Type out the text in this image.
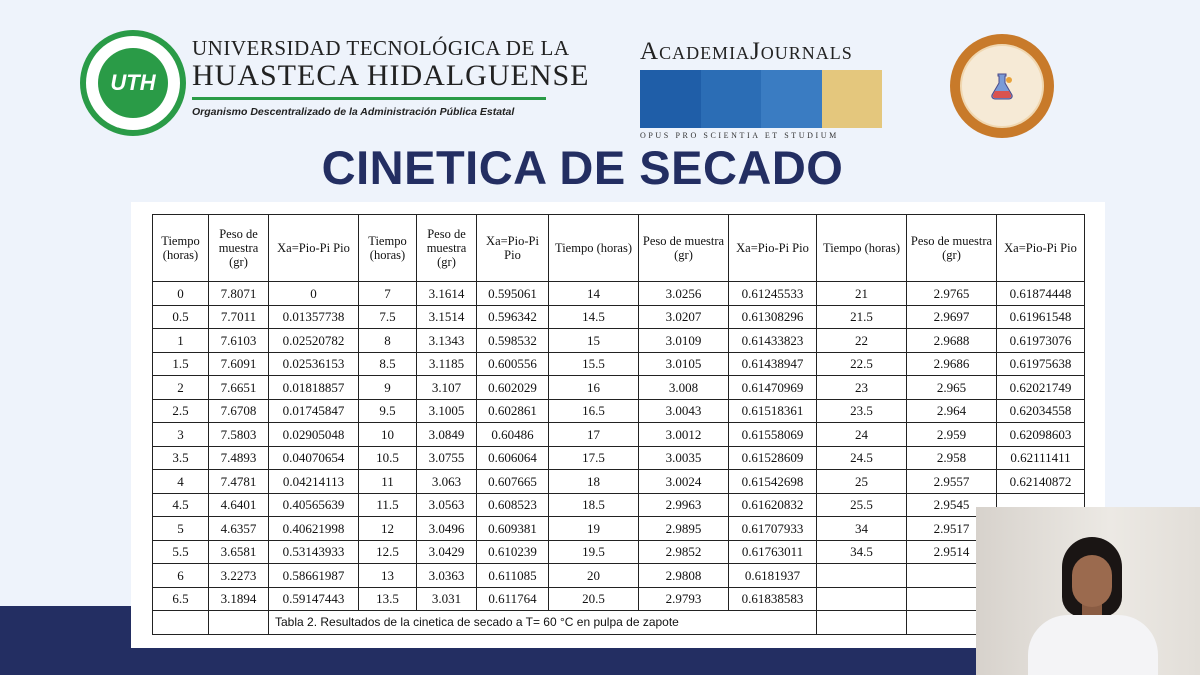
UTH
UNIVERSIDAD TECNOLÓGICA DE LA
HUASTECA HIDALGUENSE
Organismo Descentralizado de la Administración Pública Estatal
ACADEMIAJOURNALS
OPUS PRO SCIENTIA ET STUDIUM
CINETICA DE SECADO
Tiempo (horas)	Peso de muestra (gr)	Xa=Pio-Pi Pio	Tiempo (horas)	Peso de muestra (gr)	Xa=Pio-Pi Pio	Tiempo (horas)	Peso de muestra (gr)	Xa=Pio-Pi Pio	Tiempo (horas)	Peso de muestra (gr)	Xa=Pio-Pi Pio
0	7.8071	0	7	3.1614	0.595061	14	3.0256	0.61245533	21	2.9765	0.61874448
0.5	7.7011	0.01357738	7.5	3.1514	0.596342	14.5	3.0207	0.61308296	21.5	2.9697	0.61961548
1	7.6103	0.02520782	8	3.1343	0.598532	15	3.0109	0.61433823	22	2.9688	0.61973076
1.5	7.6091	0.02536153	8.5	3.1185	0.600556	15.5	3.0105	0.61438947	22.5	2.9686	0.61975638
2	7.6651	0.01818857	9	3.107	0.602029	16	3.008	0.61470969	23	2.965	0.62021749
2.5	7.6708	0.01745847	9.5	3.1005	0.602861	16.5	3.0043	0.61518361	23.5	2.964	0.62034558
3	7.5803	0.02905048	10	3.0849	0.60486	17	3.0012	0.61558069	24	2.959	0.62098603
3.5	7.4893	0.04070654	10.5	3.0755	0.606064	17.5	3.0035	0.61528609	24.5	2.958	0.62111411
4	7.4781	0.04214113	11	3.063	0.607665	18	3.0024	0.61542698	25	2.9557	0.62140872
4.5	4.6401	0.40565639	11.5	3.0563	0.608523	18.5	2.9963	0.61620832	25.5	2.9545	
5	4.6357	0.40621998	12	3.0496	0.609381	19	2.9895	0.61707933	34	2.9517	
5.5	3.6581	0.53143933	12.5	3.0429	0.610239	19.5	2.9852	0.61763011	34.5	2.9514	
6	3.2273	0.58661987	13	3.0363	0.611085	20	2.9808	0.6181937			
6.5	3.1894	0.59147443	13.5	3.031	0.611764	20.5	2.9793	0.61838583			
		Tabla 2. Resultados de la cinetica de secado a T= 60 °C en pulpa de zapote									
